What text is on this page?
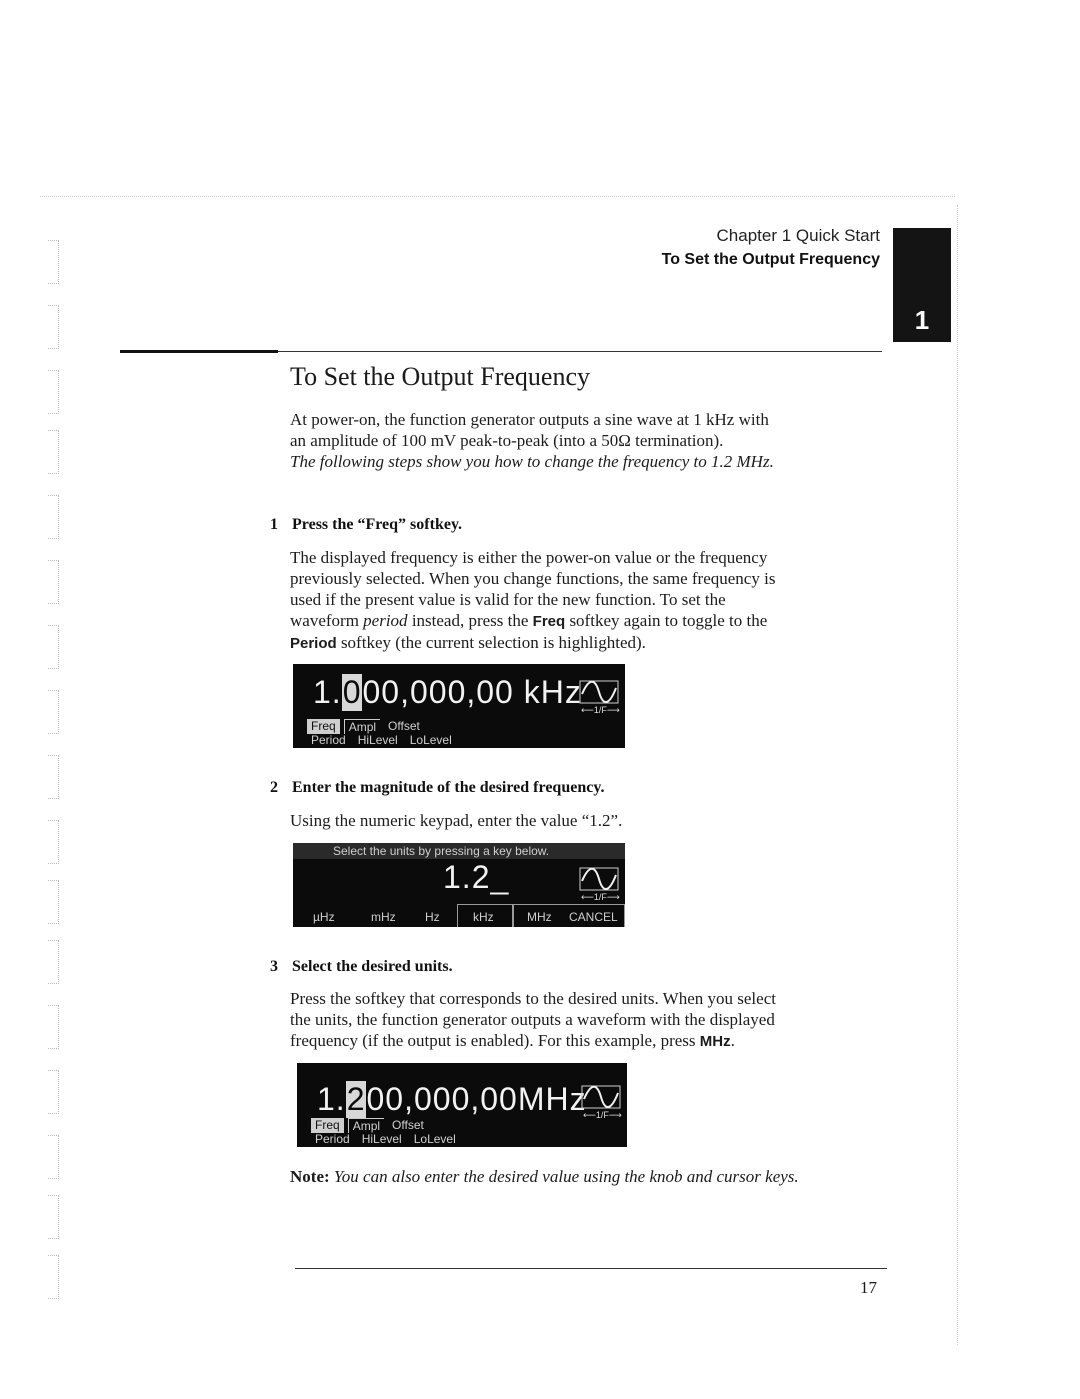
Chapter 1 Quick Start
To Set the Output Frequency
1
To Set the Output Frequency
At power-on, the function generator outputs a sine wave at 1 kHz with
an amplitude of 100 mV peak-to-peak (into a 50Ω termination).
The following steps show you how to change the frequency to 1.2 MHz.
1 Press the “Freq” softkey.
The displayed frequency is either the power-on value or the frequency
previously selected. When you change functions, the same frequency is
used if the present value is valid for the new function. To set the
waveform period instead, press the Freq softkey again to toggle to the
Period softkey (the current selection is highlighted).
1.000,000,00 kHz ⟵1/F⟶
Freq	Ampl	Offset
Period	HiLevel	LoLevel
2 Enter the magnitude of the desired frequency.
Using the numeric keypad, enter the value “1.2”.
Select the units by pressing a key below.
1.2_
⟵1/F⟶
µHz	mHz Hz	kHz	MHz CANCEL
3 Select the desired units.
Press the softkey that corresponds to the desired units. When you select
the units, the function generator outputs a waveform with the displayed
frequency (if the output is enabled). For this example, press MHz.
1.200,000,00MHz
⟵1/F⟶
Freq	Ampl	Offset
Period	HiLevel	LoLevel
Note: You can also enter the desired value using the knob and cursor keys.
17
